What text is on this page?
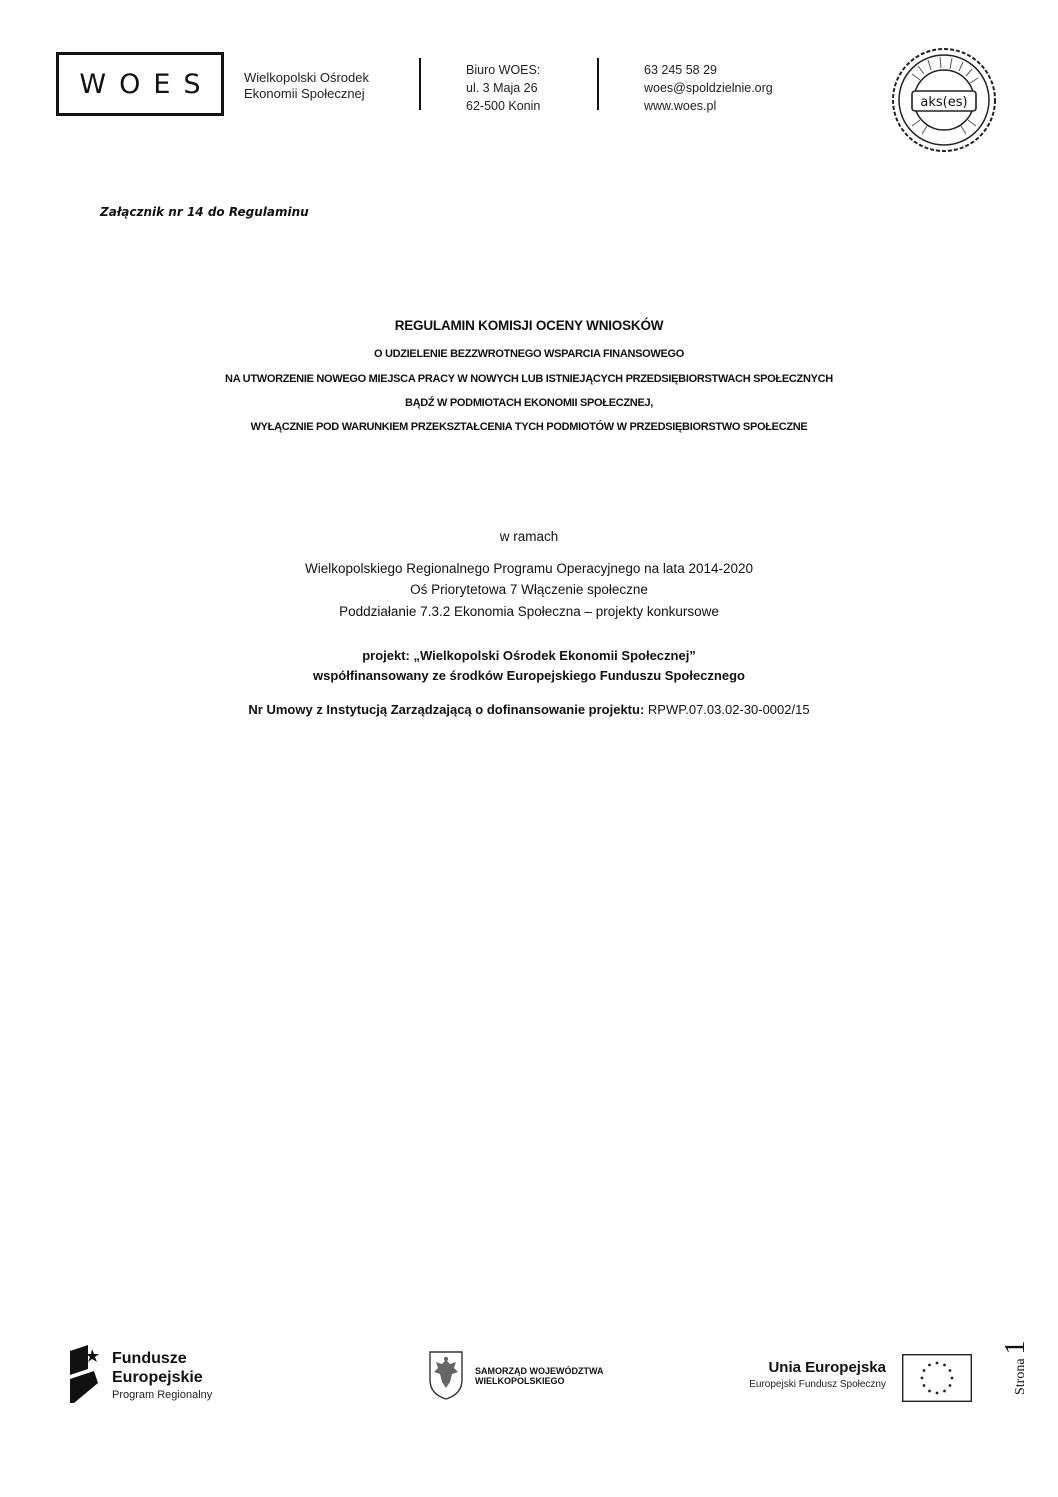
WOES Wielkopolski Ośrodek
Ekonomii Społecznej
Biuro WOES:
ul. 3 Maja 26
62-500 Konin
63 245 58 29
woes@spoldzielnie.org
www.woes.pl	aks(es)
Załącznik nr 14 do Regulaminu
REGULAMIN KOMISJI OCENY WNIOSKÓW
O UDZIELENIE BEZZWROTNEGO WSPARCIA FINANSOWEGO
NA UTWORZENIE NOWEGO MIEJSCA PRACY W NOWYCH LUB ISTNIEJĄCYCH PRZEDSIĘBIORSTWACH SPOŁECZNYCH
BĄDŹ W PODMIOTACH EKONOMII SPOŁECZNEJ,
WYŁĄCZNIE POD WARUNKIEM PRZEKSZTAŁCENIA TYCH PODMIOTÓW W PRZEDSIĘBIORSTWO SPOŁECZNE
w ramach
Wielkopolskiego Regionalnego Programu Operacyjnego na lata 2014-2020
Oś Priorytetowa 7 Włączenie społeczne
Poddziałanie 7.3.2 Ekonomia Społeczna – projekty konkursowe
projekt: „Wielkopolski Ośrodek Ekonomii Społecznej”
współfinansowany ze środków Europejskiego Funduszu Społecznego
Nr Umowy z Instytucją Zarządzającą o dofinansowanie projektu: RPWP.07.03.02-30-0002/15
Fundusze
Europejskie
Program Regionalny
SAMORZĄD WOJEWÓDZTWA
WIELKOPOLSKIEGO
Unia Europejska
Europejski Fundusz Społeczny	Strona1
